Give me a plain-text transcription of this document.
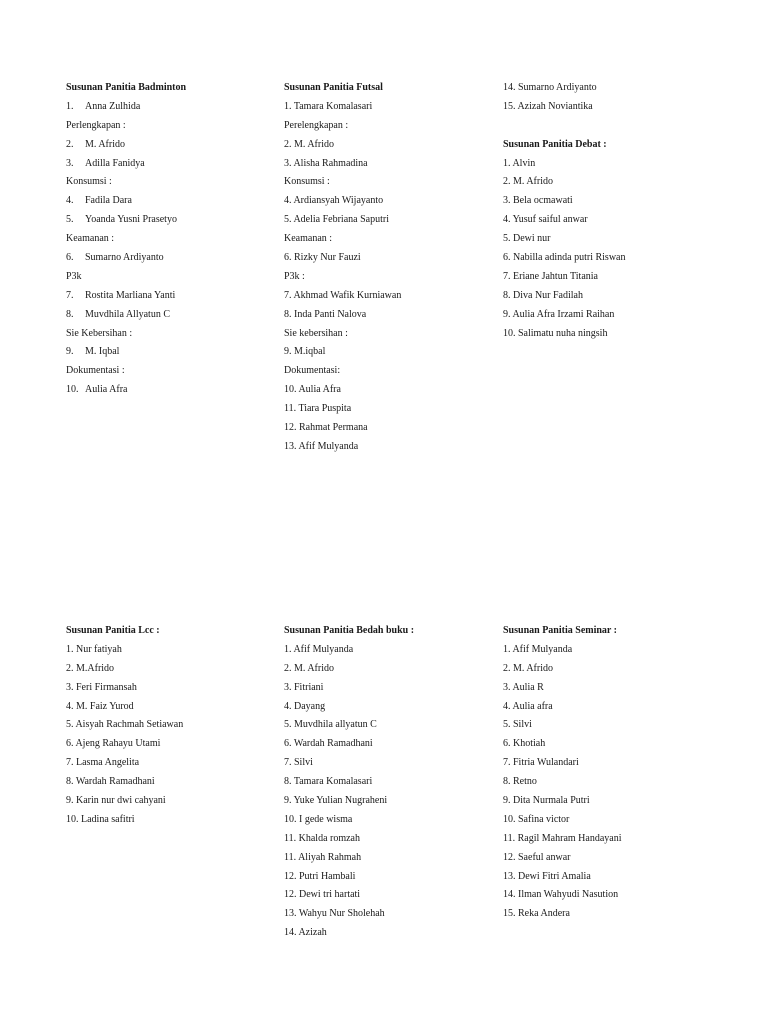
Susunan Panitia Badminton
1. Anna Zulhida
Perlengkapan :
2. M. Afrido
3. Adilla Fanidya
Konsumsi :
4. Fadila Dara
5. Yoanda Yusni Prasetyo
Keamanan :
6. Sumarno Ardiyanto
P3k
7. Rostita Marliana Yanti
8. Muvdhila Allyatun C
Sie Kebersihan :
9. M. Iqbal
Dokumentasi :
10. Aulia Afra
Susunan Panitia Futsal
1. Tamara Komalasari
Perelengkapan :
2. M. Afrido
3. Alisha Rahmadina
Konsumsi :
4. Ardiansyah Wijayanto
5. Adelia Febriana Saputri
Keamanan :
6. Rizky Nur Fauzi
P3k :
7. Akhmad Wafik Kurniawan
8. Inda Panti Nalova
Sie kebersihan :
9. M.iqbal
Dokumentasi:
10. Aulia Afra
11. Tiara Puspita
12. Rahmat Permana
13. Afif Mulyanda
14. Sumarno Ardiyanto
15. Azizah Noviantika
Susunan Panitia Debat :
1. Alvin
2. M. Afrido
3. Bela ocmawati
4. Yusuf saiful anwar
5. Dewi nur
6. Nabilla adinda putri Riswan
7. Eriane Jahtun Titania
8. Diva Nur Fadilah
9. Aulia Afra Irzami Raihan
10. Salimatu nuha ningsih
Susunan Panitia Lcc :
1. Nur fatiyah
2. M.Afrido
3. Feri Firmansah
4. M. Faiz Yurod
5. Aisyah Rachmah Setiawan
6. Ajeng Rahayu Utami
7. Lasma Angelita
8. Wardah Ramadhani
9. Karin nur dwi cahyani
10. Ladina safitri
Susunan Panitia Bedah buku :
1. Afif Mulyanda
2. M. Afrido
3. Fitriani
4. Dayang
5. Muvdhila allyatun C
6. Wardah Ramadhani
7. Silvi
8. Tamara Komalasari
9. Yuke Yulian Nugraheni
10. I gede wisma
11. Khalda romzah
11. Aliyah Rahmah
12. Putri Hambali
12. Dewi tri hartati
13. Wahyu Nur Sholehah
14. Azizah
Susunan Panitia Seminar :
1. Afif Mulyanda
2. M. Afrido
3. Aulia R
4. Aulia afra
5. Silvi
6. Khotiah
7. Fitria Wulandari
8. Retno
9. Dita Nurmala Putri
10. Safina victor
11. Ragil Mahram Handayani
12. Saeful anwar
13. Dewi Fitri Amalia
14. Ilman Wahyudi Nasution
15. Reka Andera
